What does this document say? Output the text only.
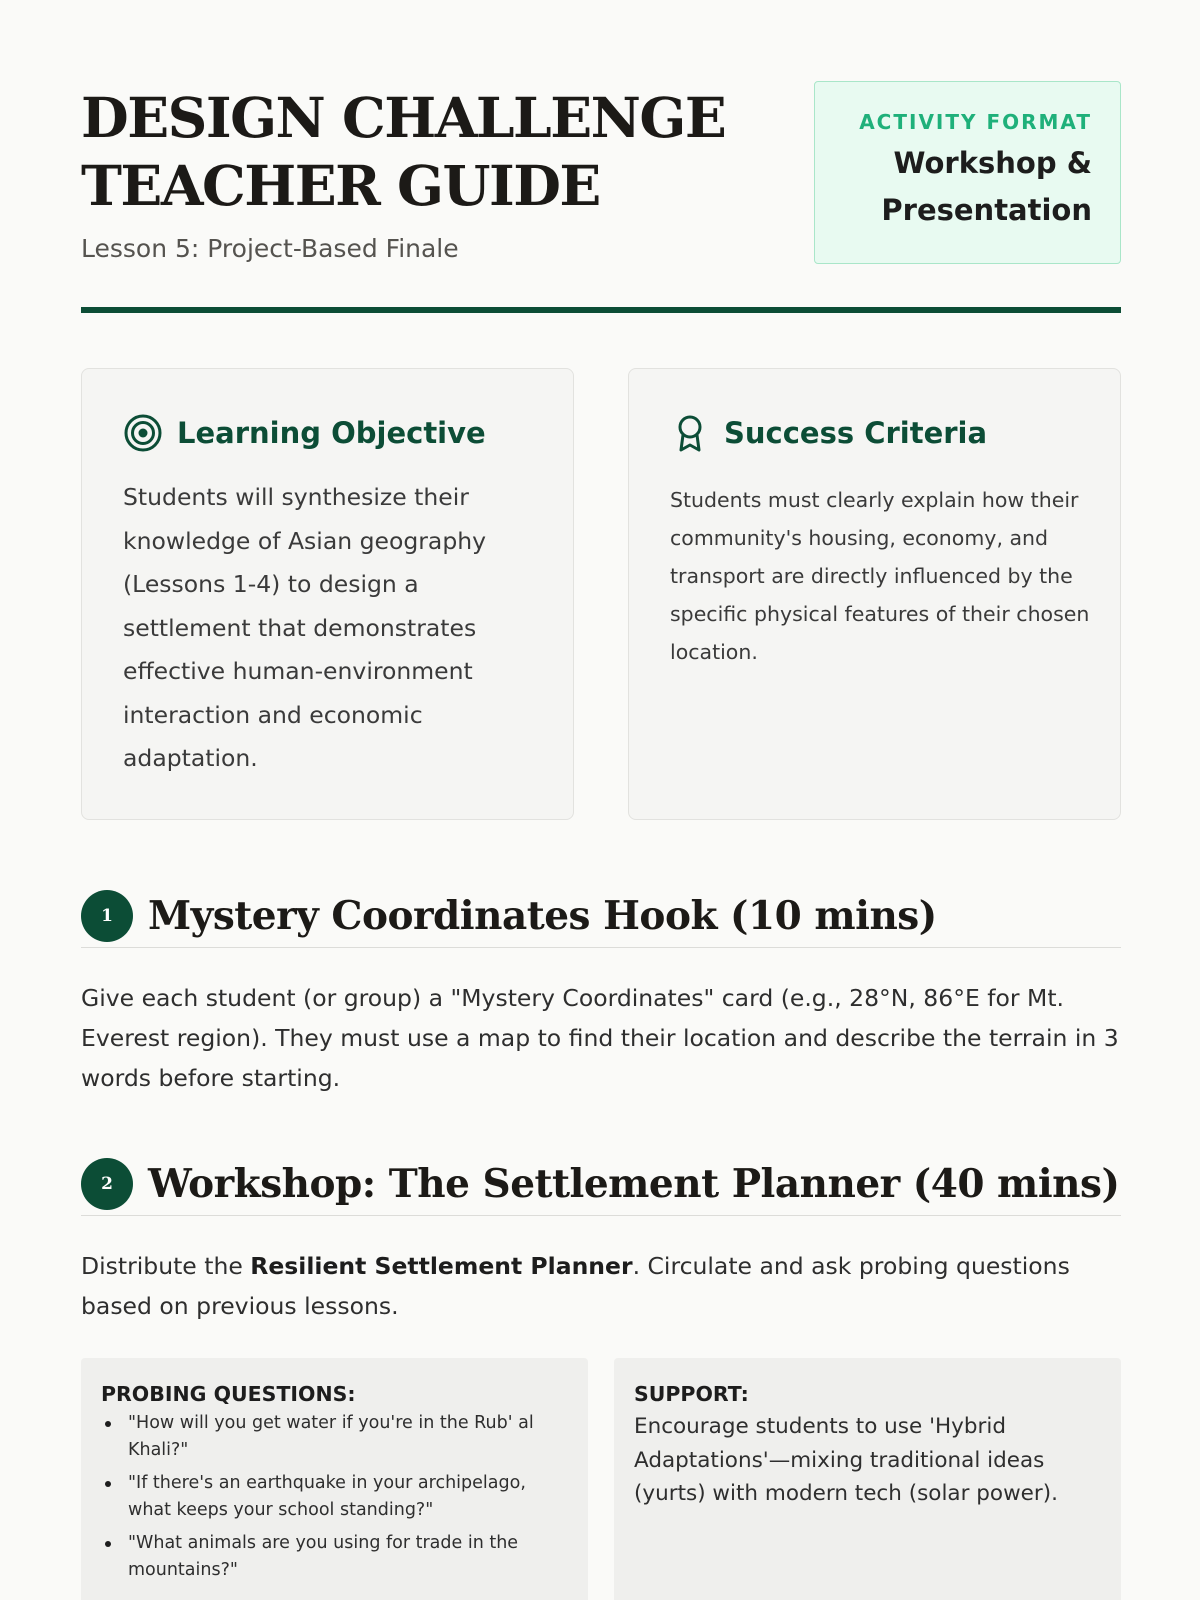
DESIGN CHALLENGE
TEACHER GUIDE
Lesson 5: Project-Based Finale
ACTIVITY FORMAT
Workshop &
Presentation
Learning Objective

Students will synthesize their knowledge of Asian geography (Lessons 1-4) to design a settlement that demonstrates effective human-environment interaction and economic adaptation.

Success Criteria

Students must clearly explain how their community's housing, economy, and transport are directly influenced by the specific physical features of their chosen location.

1 Mystery Coordinates Hook (10 mins)

Give each student (or group) a "Mystery Coordinates" card (e.g., 28°N, 86°E for Mt. Everest region). They must use a map to find their location and describe the terrain in 3 words before starting.

2 Workshop: The Settlement Planner (40 mins)

Distribute the Resilient Settlement Planner. Circulate and ask probing questions based on previous lessons.

PROBING QUESTIONS:
"How will you get water if you're in the Rub' al Khali?"
"If there's an earthquake in your archipelago, what keeps your school standing?"
"What animals are you using for trade in the mountains?"
SUPPORT:

Encourage students to use 'Hybrid Adaptations'—mixing traditional ideas (yurts) with modern tech (solar power).
